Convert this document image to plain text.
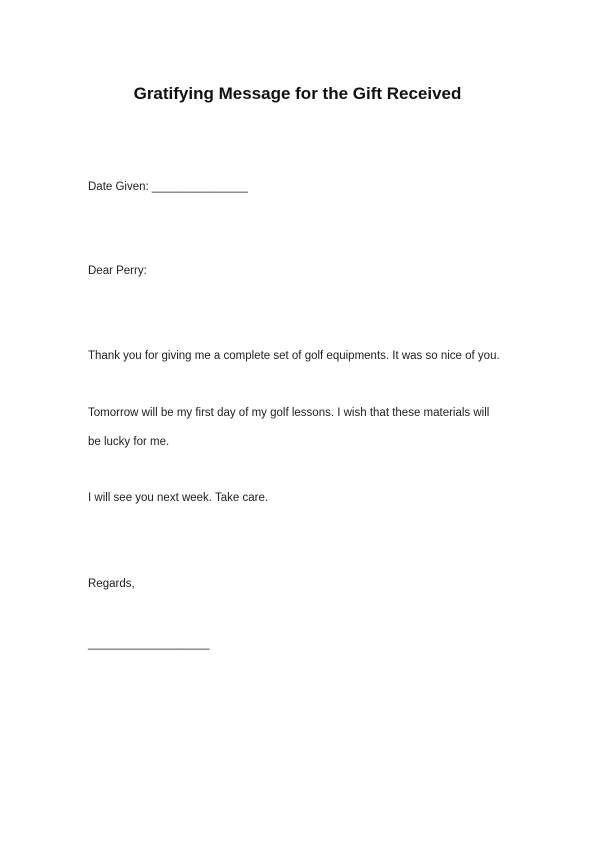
Gratifying Message for the Gift Received
Date Given: _______________
Dear Perry:
Thank you for giving me a complete set of golf equipments. It was so nice of you.
Tomorrow will be my first day of my golf lessons. I wish that these materials will
be lucky for me.
I will see you next week. Take care.
Regards,
___________________
